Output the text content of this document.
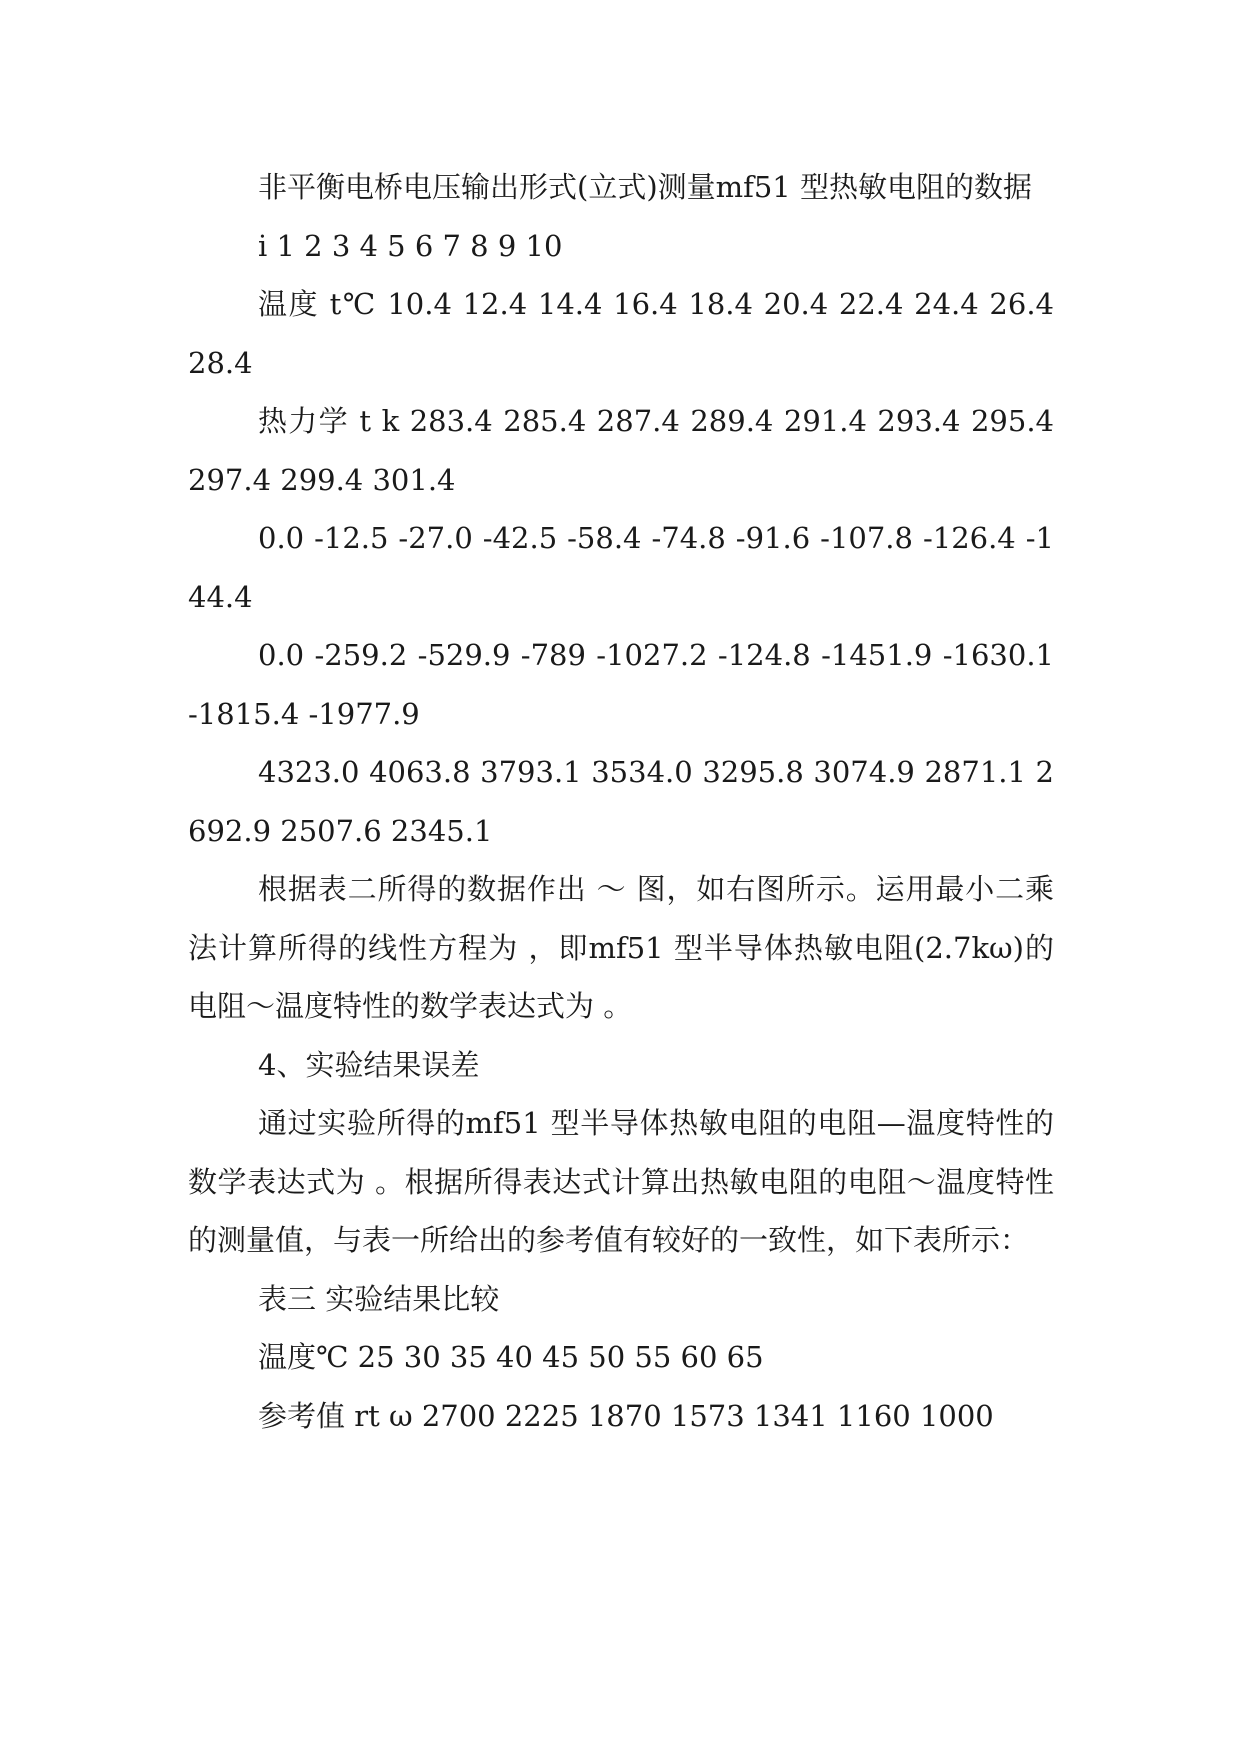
非平衡电桥电压输出形式(立式)测量mf51 型热敏电阻的数据

i 1 2 3 4 5 6 7 8 9 10

温度 t℃ 10.4 12.4 14.4 16.4 18.4 20.4 22.4 24.4 26.4 28.4

热力学 t k 283.4 285.4 287.4 289.4 291.4 293.4 295.4 297.4 299.4 301.4

0.0 -12.5 -27.0 -42.5 -58.4 -74.8 -91.6 -107.8 -126.4 -144.4

0.0 -259.2 -529.9 -789 -1027.2 -124.8 -1451.9 -1630.1 -1815.4 -1977.9

4323.0 4063.8 3793.1 3534.0 3295.8 3074.9 2871.1 2692.9 2507.6 2345.1

根据表二所得的数据作出 ～ 图，如右图所示。运用最小二乘法计算所得的线性方程为 ，即mf51 型半导体热敏电阻(2.7kω)的电阻～温度特性的数学表达式为 。

4、实验结果误差

通过实验所得的mf51 型半导体热敏电阻的电阻—温度特性的数学表达式为 。根据所得表达式计算出热敏电阻的电阻～温度特性的测量值，与表一所给出的参考值有较好的一致性，如下表所示：

表三 实验结果比较

温度℃ 25 30 35 40 45 50 55 60 65

参考值 rt ω 2700 2225 1870 1573 1341 1160 1000
